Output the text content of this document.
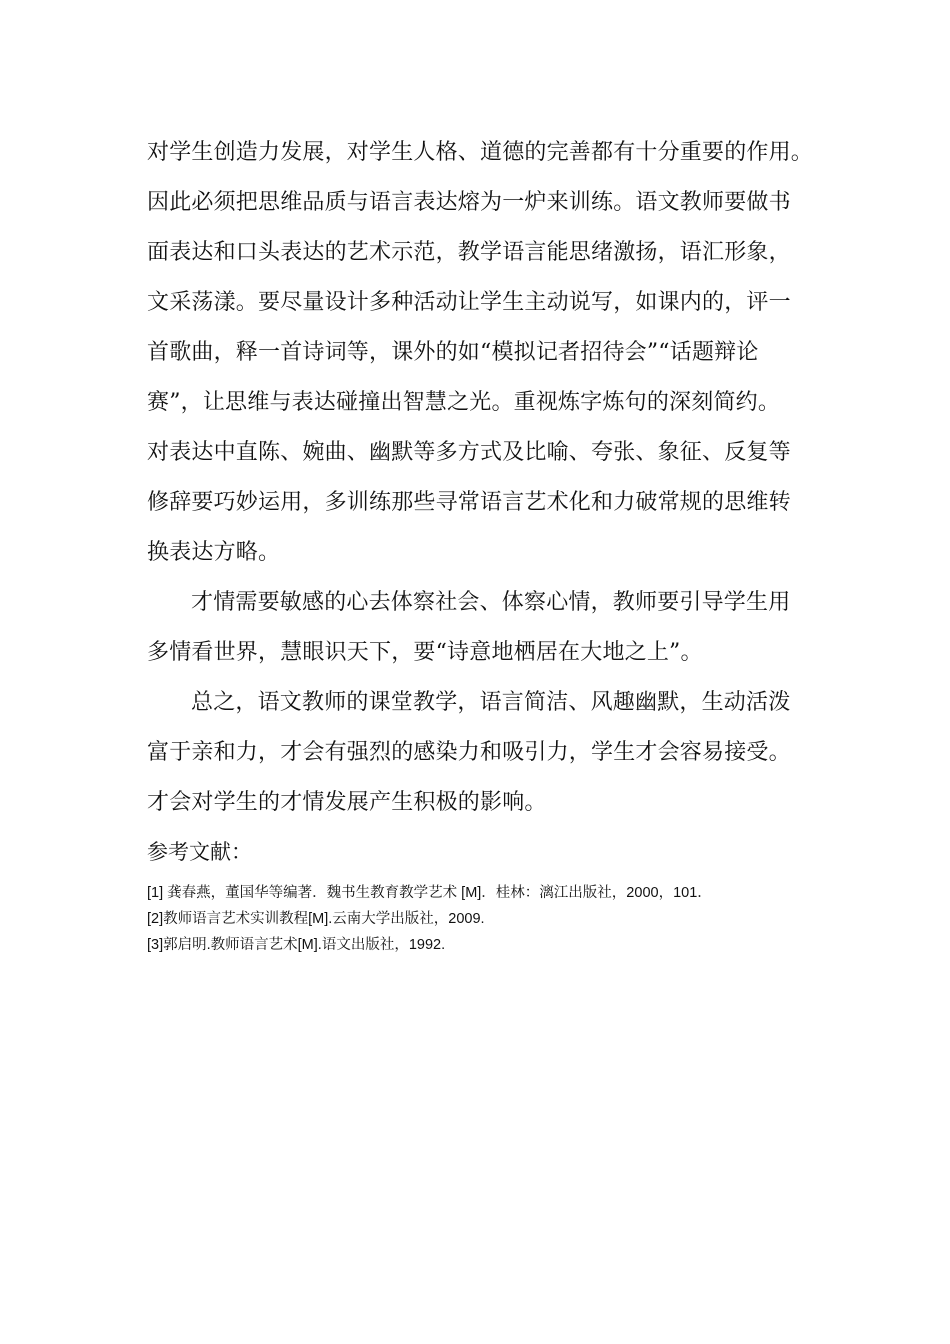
对学生创造力发展，对学生人格、道德的完善都有十分重要的作用。
因此必须把思维品质与语言表达熔为一炉来训练。语文教师要做书
面表达和口头表达的艺术示范，教学语言能思绪激扬，语汇形象，
文采荡漾。要尽量设计多种活动让学生主动说写，如课内的，评一
首歌曲，释一首诗词等，课外的如“模拟记者招待会”“话题辩论
赛”，让思维与表达碰撞出智慧之光。重视炼字炼句的深刻简约。
对表达中直陈、婉曲、幽默等多方式及比喻、夸张、象征、反复等
修辞要巧妙运用，多训练那些寻常语言艺术化和力破常规的思维转
换表达方略。
才情需要敏感的心去体察社会、体察心情，教师要引导学生用
多情看世界，慧眼识天下，要“诗意地栖居在大地之上”。
总之，语文教师的课堂教学，语言简洁、风趣幽默，生动活泼
富于亲和力，才会有强烈的感染力和吸引力，学生才会容易接受。
才会对学生的才情发展产生积极的影响。
参考文献：
[1] 龚春燕，董国华等编著．魏书生教育教学艺术 [M]．桂林：漓江出版社，2000，101．
[2]教师语言艺术实训教程[M].云南大学出版社，2009.
[3]郭启明.教师语言艺术[M].语文出版社，1992.
